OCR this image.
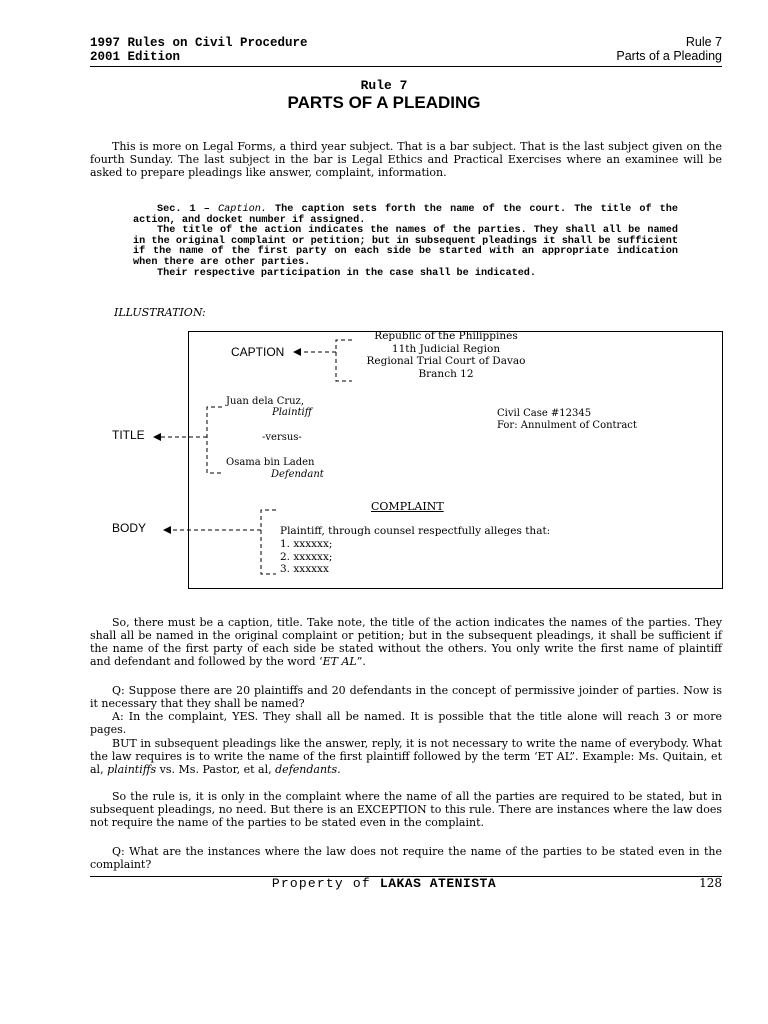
1997 Rules on Civil Procedure
2001 Edition
Rule 7
Parts of a Pleading
Rule 7
PARTS OF A PLEADING
This is more on Legal Forms, a third year subject. That is a bar subject. That is the last subject given on the fourth Sunday. The last subject in the bar is Legal Ethics and Practical Exercises where an examinee will be asked to prepare pleadings like answer, complaint, information.
Sec. 1 – Caption. The caption sets forth the name of the court. The title of the action, and docket number if assigned.
The title of the action indicates the names of the parties. They shall all be named in the original complaint or petition; but in subsequent pleadings it shall be sufficient if the name of the first party on each side be started with an appropriate indication when there are other parties.
Their respective participation in the case shall be indicated.
ILLUSTRATION:
CAPTION
TITLE
BODY
Republic of the Philippines
11th Judicial Region
Regional Trial Court of Davao
Branch 12
Juan dela Cruz,
Plaintiff
-versus-
Osama bin Laden
Defendant
Civil Case #12345
For: Annulment of Contract
COMPLAINT
Plaintiff, through counsel respectfully alleges that:
1. xxxxxx;
2. xxxxxx;
3. xxxxxx
So, there must be a caption, title. Take note, the title of the action indicates the names of the parties. They shall all be named in the original complaint or petition; but in the subsequent pleadings, it shall be sufficient if the name of the first party of each side be stated without the others. You only write the first name of plaintiff and defendant and followed by the word ‘ET AL”.
Q: Suppose there are 20 plaintiffs and 20 defendants in the concept of permissive joinder of parties. Now is it necessary that they shall be named?
A: In the complaint, YES. They shall all be named. It is possible that the title alone will reach 3 or more pages.
BUT in subsequent pleadings like the answer, reply, it is not necessary to write the name of everybody. What the law requires is to write the name of the first plaintiff followed by the term ‘ET AL”. Example: Ms. Quitain, et al, plaintiffs vs. Ms. Pastor, et al, defendants.
So the rule is, it is only in the complaint where the name of all the parties are required to be stated, but in subsequent pleadings, no need. But there is an EXCEPTION to this rule. There are instances where the law does not require the name of the parties to be stated even in the complaint.
Q: What are the instances where the law does not require the name of the parties to be stated even in the complaint?
Property of LAKAS ATENISTA	128
